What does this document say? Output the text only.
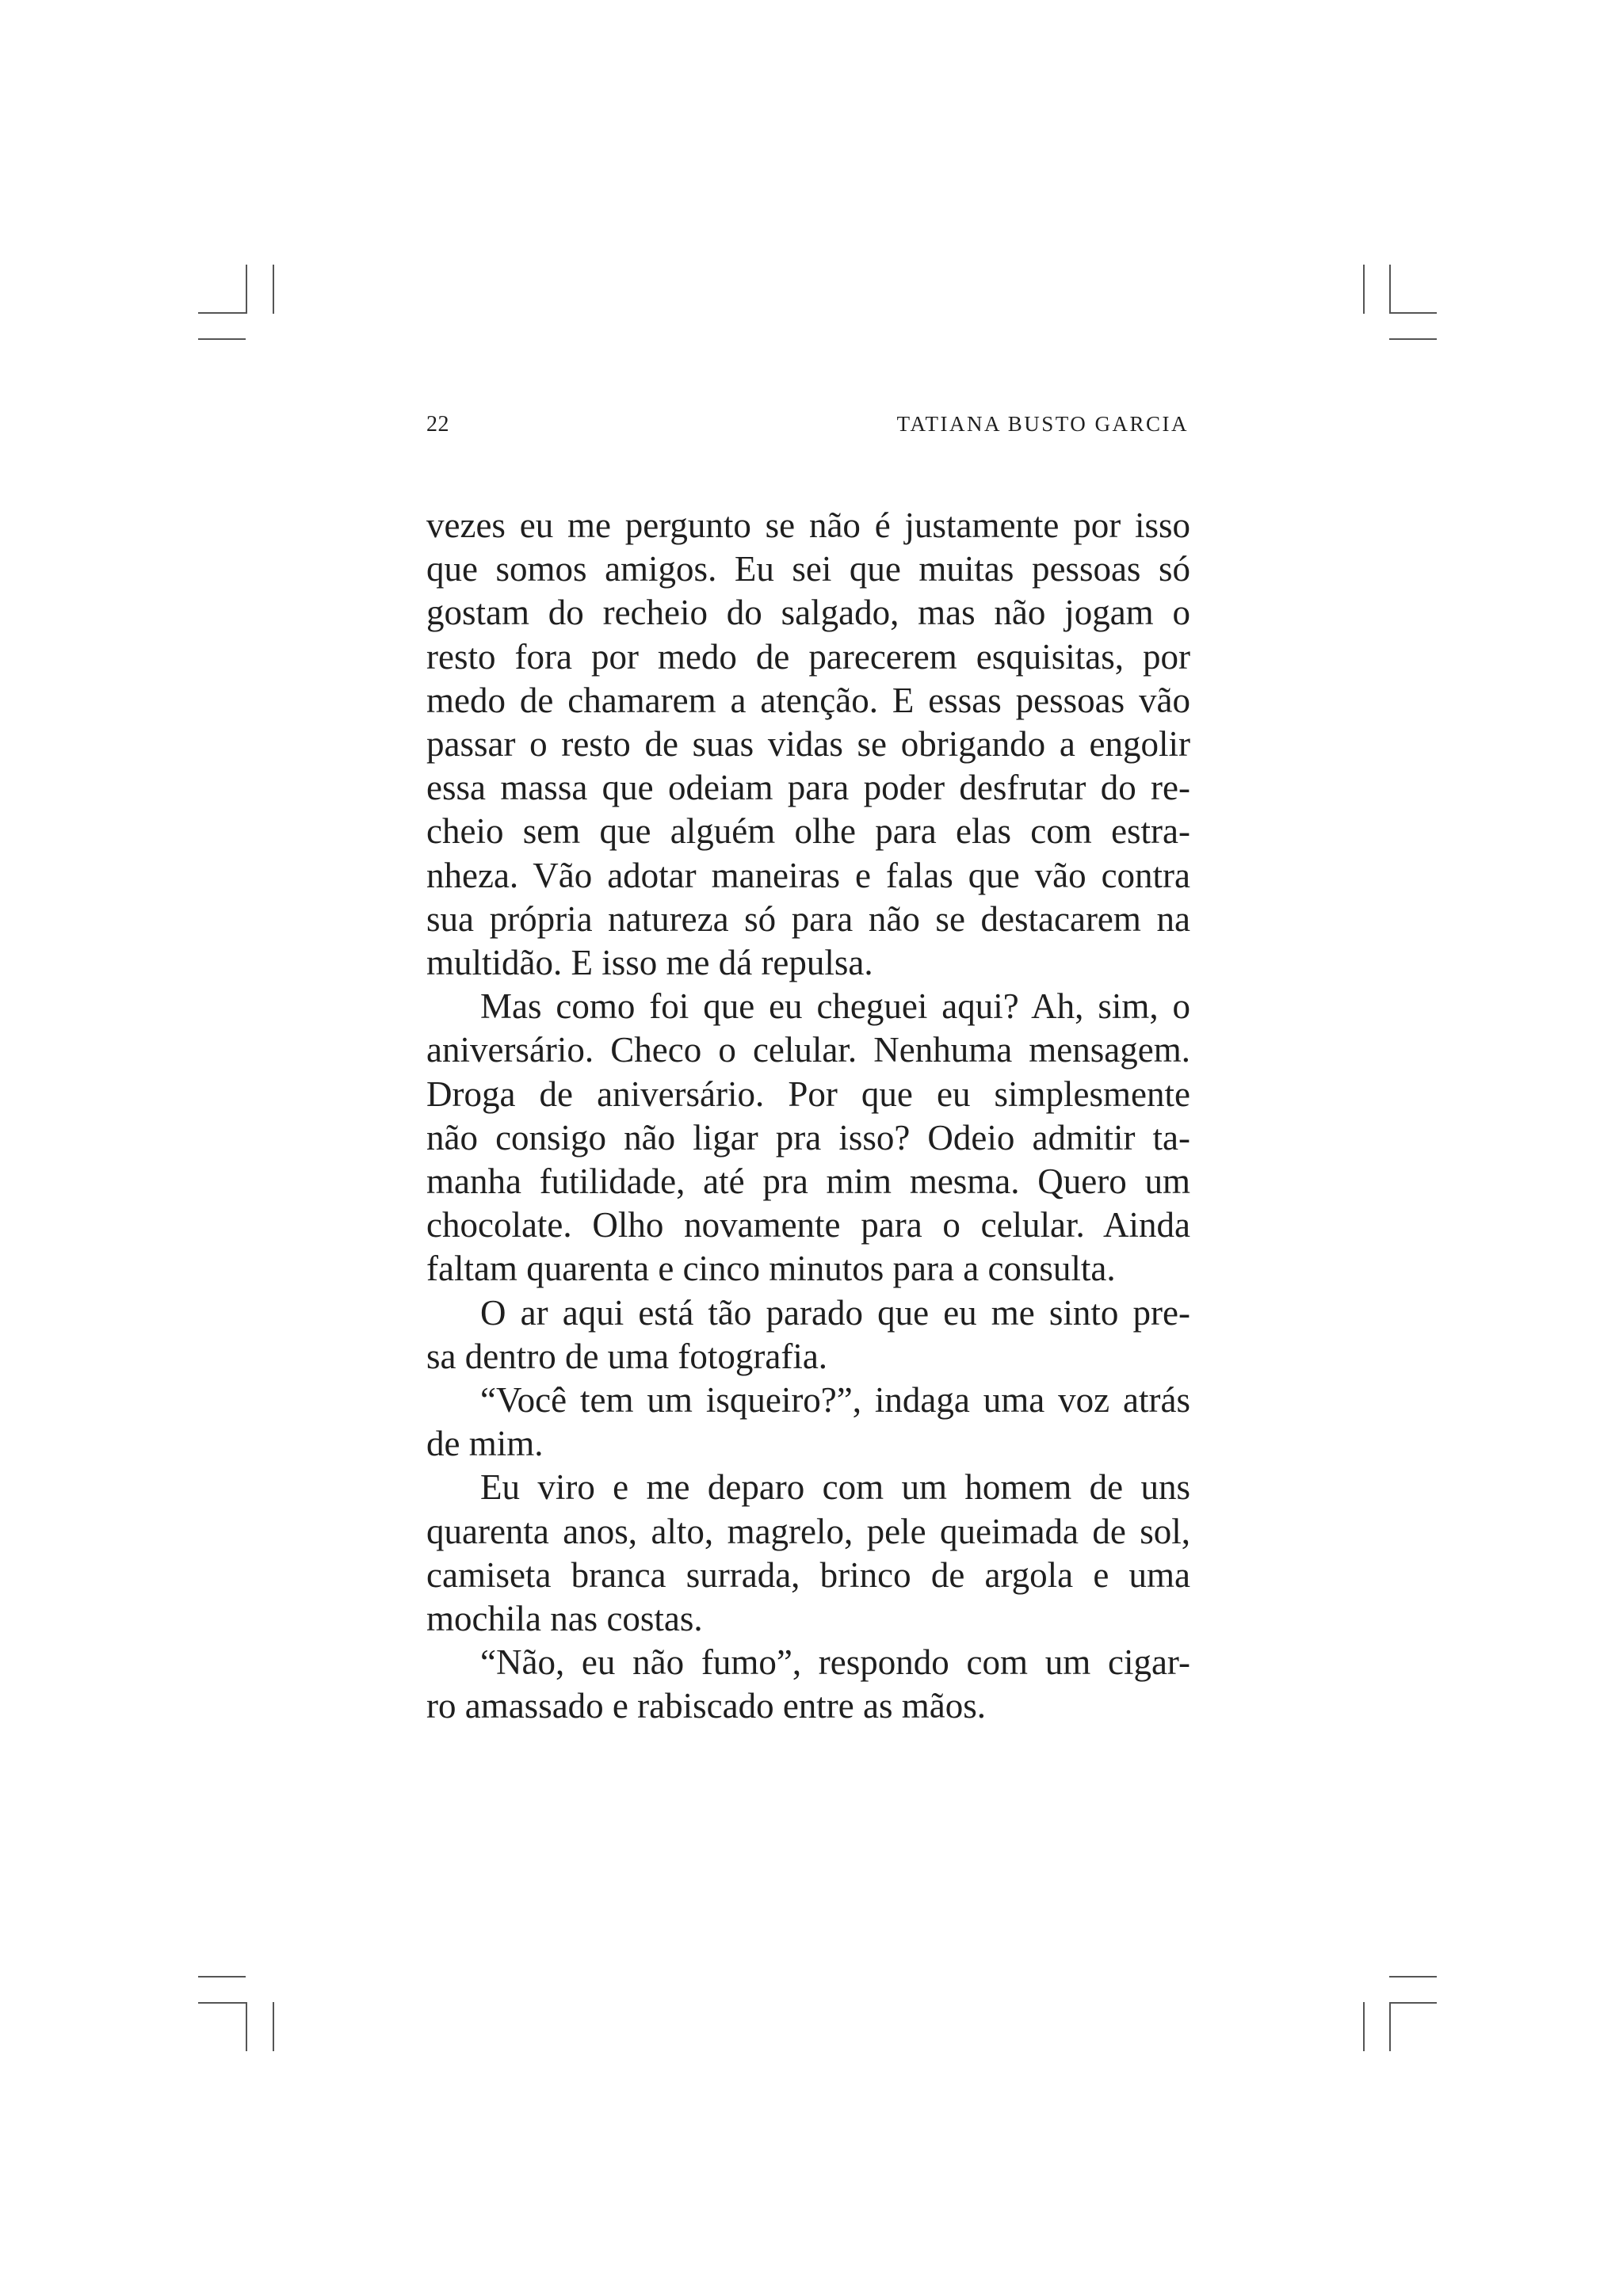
22	TATIANA BUSTO GARCIA
vezes eu me pergunto se não é justamente por isso
que somos amigos. Eu sei que muitas pessoas só
gostam do recheio do salgado, mas não jogam o
resto fora por medo de parecerem esquisitas, por
medo de chamarem a atenção. E essas pessoas vão
passar o resto de suas vidas se obrigando a engolir
essa massa que odeiam para poder desfrutar do re-
cheio sem que alguém olhe para elas com estra-
nheza. Vão adotar maneiras e falas que vão contra
sua própria natureza só para não se destacarem na
multidão. E isso me dá repulsa.
Mas como foi que eu cheguei aqui? Ah, sim, o
aniversário. Checo o celular. Nenhuma mensagem.
Droga de aniversário. Por que eu simplesmente
não consigo não ligar pra isso? Odeio admitir ta-
manha futilidade, até pra mim mesma. Quero um
chocolate. Olho novamente para o celular. Ainda
faltam quarenta e cinco minutos para a consulta.
O ar aqui está tão parado que eu me sinto pre-
sa dentro de uma fotografia.
“Você tem um isqueiro?”, indaga uma voz atrás
de mim.
Eu viro e me deparo com um homem de uns
quarenta anos, alto, magrelo, pele queimada de sol,
camiseta branca surrada, brinco de argola e uma
mochila nas costas.
“Não, eu não fumo”, respondo com um cigar-
ro amassado e rabiscado entre as mãos.
